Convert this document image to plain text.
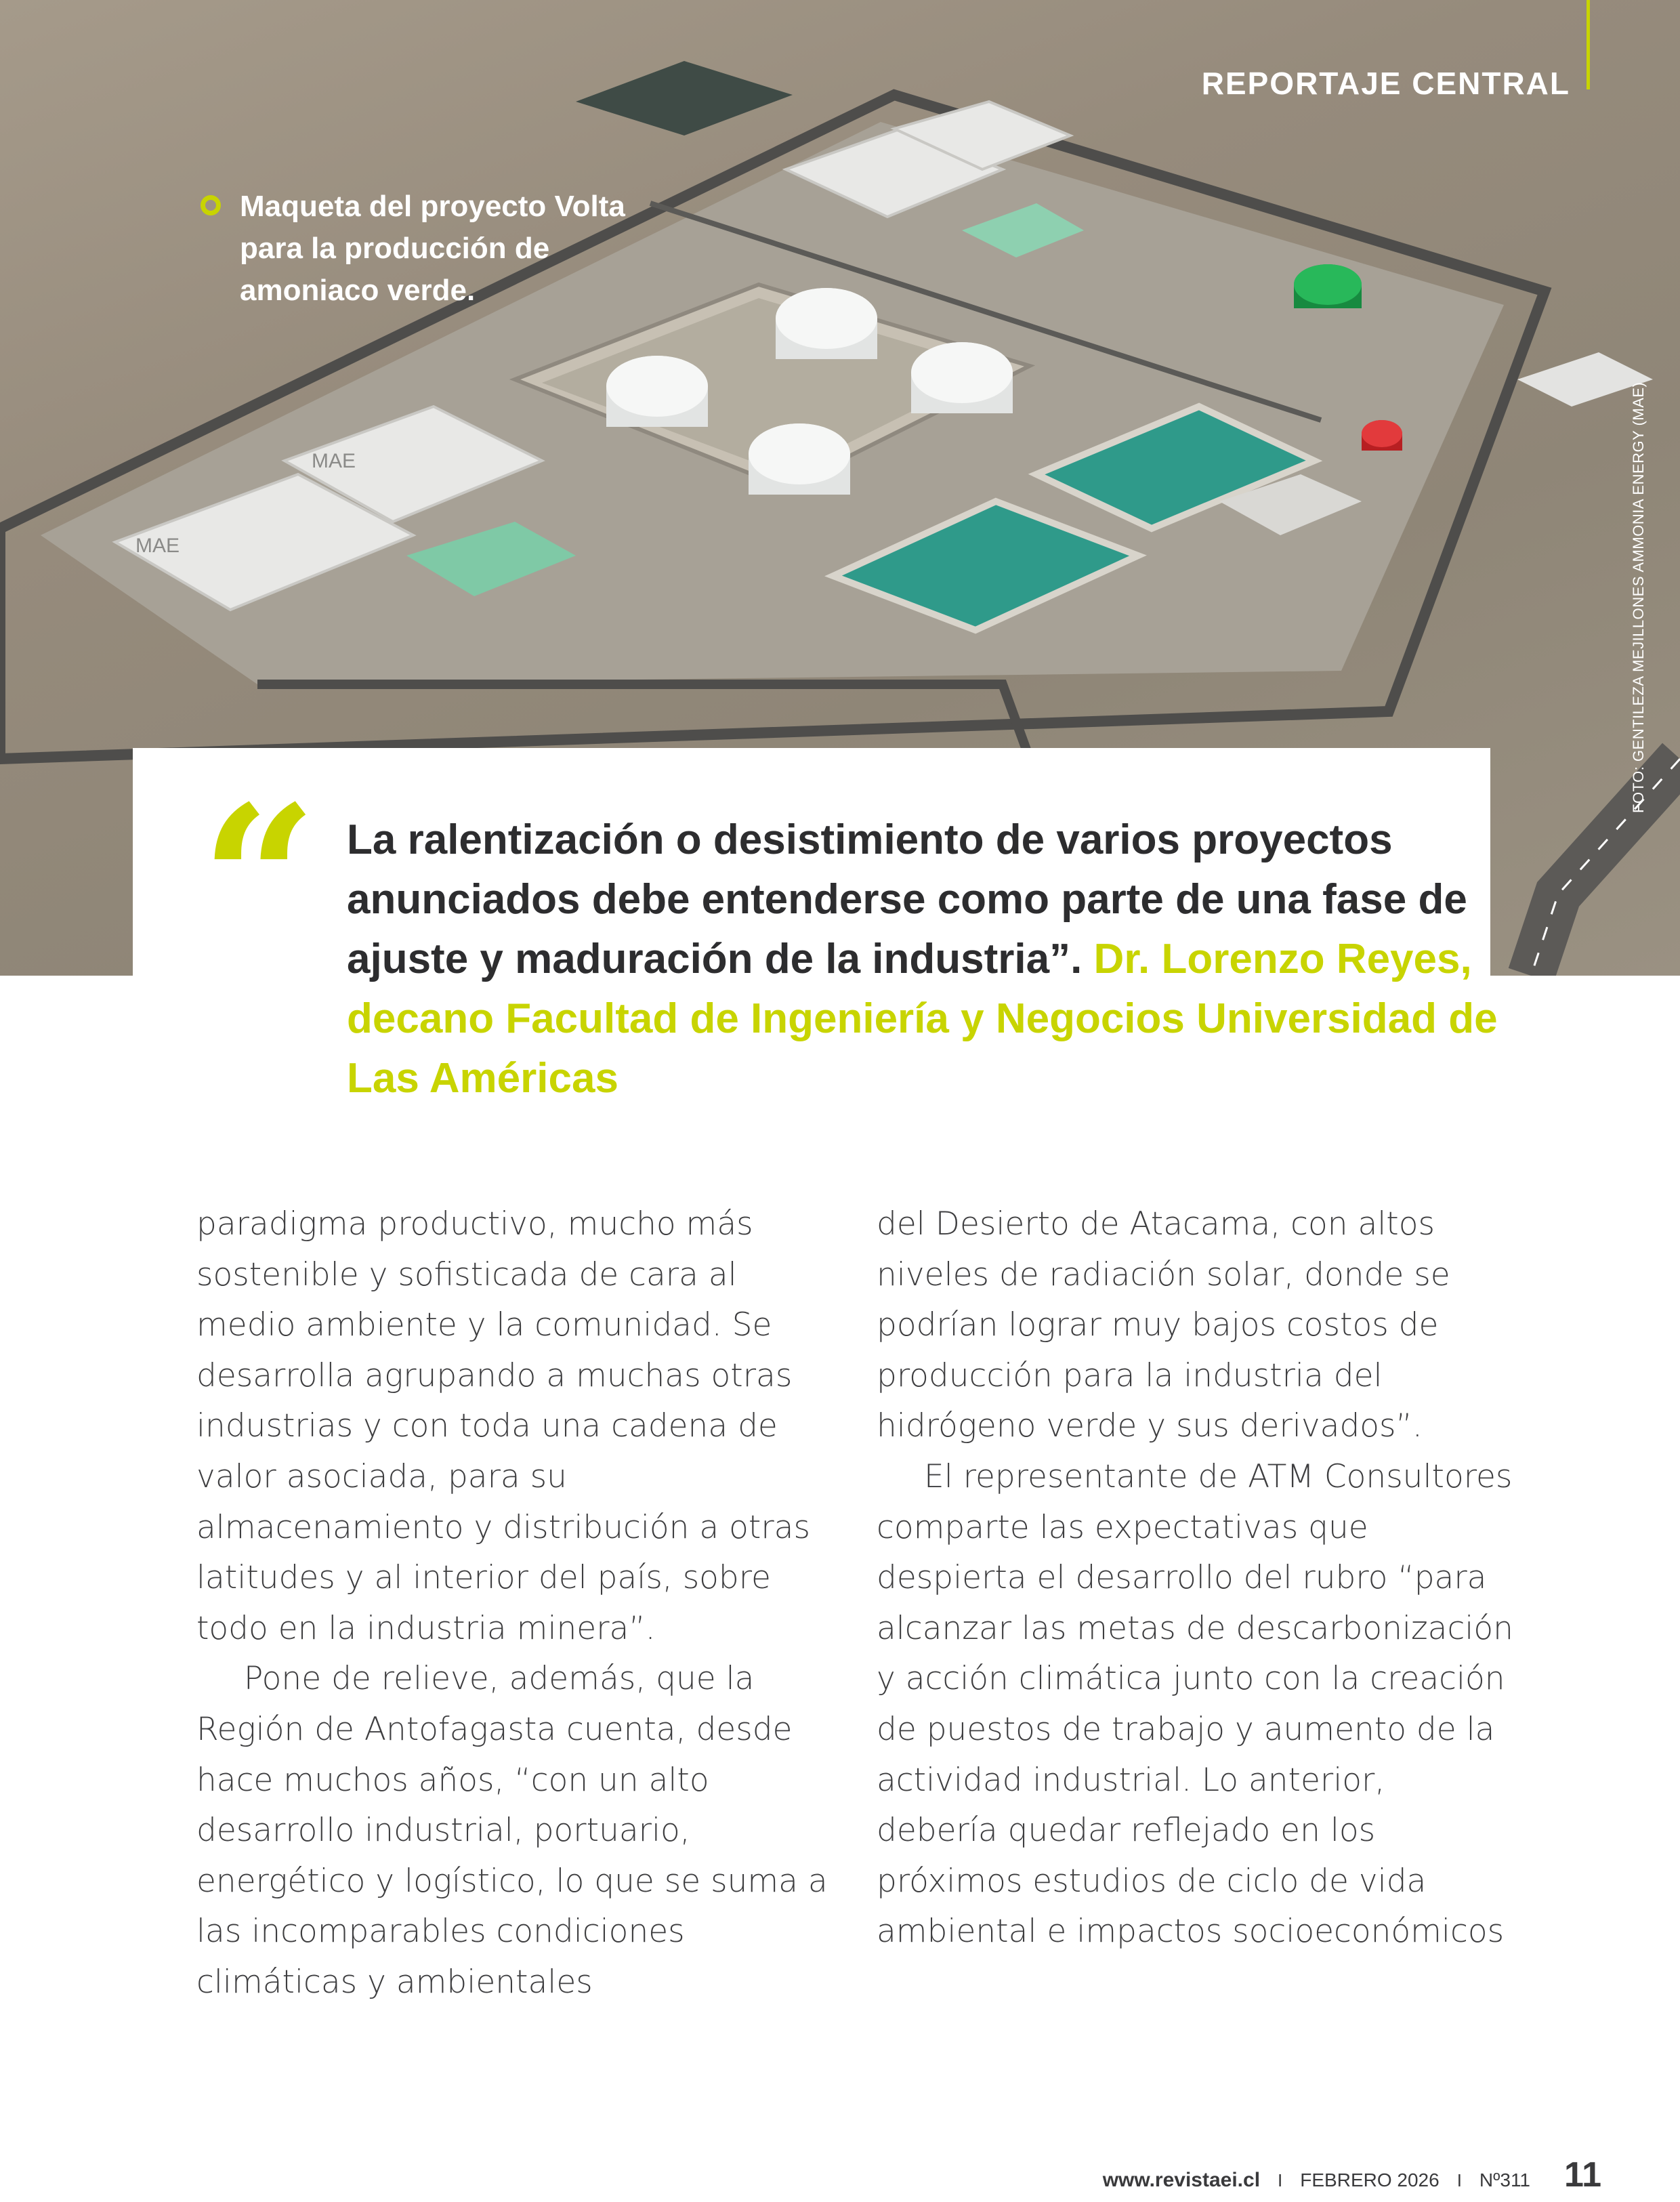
MAE
MAE
REPORTAJE CENTRAL
Maqueta del proyecto Volta para la producción de amoniaco verde.
FOTO: GENTILEZA MEJILLONES AMMONIA ENERGY (MAE)
“ La ralentización o desistimiento de varios proyectos anunciados debe entenderse como parte de una fase de ajuste y maduración de la industria”. Dr. Lorenzo Reyes, decano Facultad de Ingeniería y Negocios Universidad de Las Américas

paradigma productivo, mucho más sostenible y sofisticada de cara al medio ambiente y la comunidad. Se desarrolla agrupando a muchas otras industrias y con toda una cadena de valor asociada, para su almacenamiento y distribución a otras latitudes y al interior del país, sobre todo en la industria minera”.

Pone de relieve, además, que la Región de Antofagasta cuenta, desde hace muchos años, “con un alto desarrollo industrial, portuario, energético y logístico, lo que se suma a las incomparables condiciones climáticas y ambientales

del Desierto de Atacama, con altos niveles de radiación solar, donde se podrían lograr muy bajos costos de producción para la industria del hidrógeno verde y sus derivados”.

El representante de ATM Consultores comparte las expectativas que despierta el desarrollo del rubro “para alcanzar las metas de descarbonización y acción climática junto con la creación de puestos de trabajo y aumento de la actividad industrial. Lo anterior, debería quedar reflejado en los próximos estudios de ciclo de vida ambiental e impactos socioeconómicos

www.revistaei.cl I FEBRERO 2026 I Nº311 11
